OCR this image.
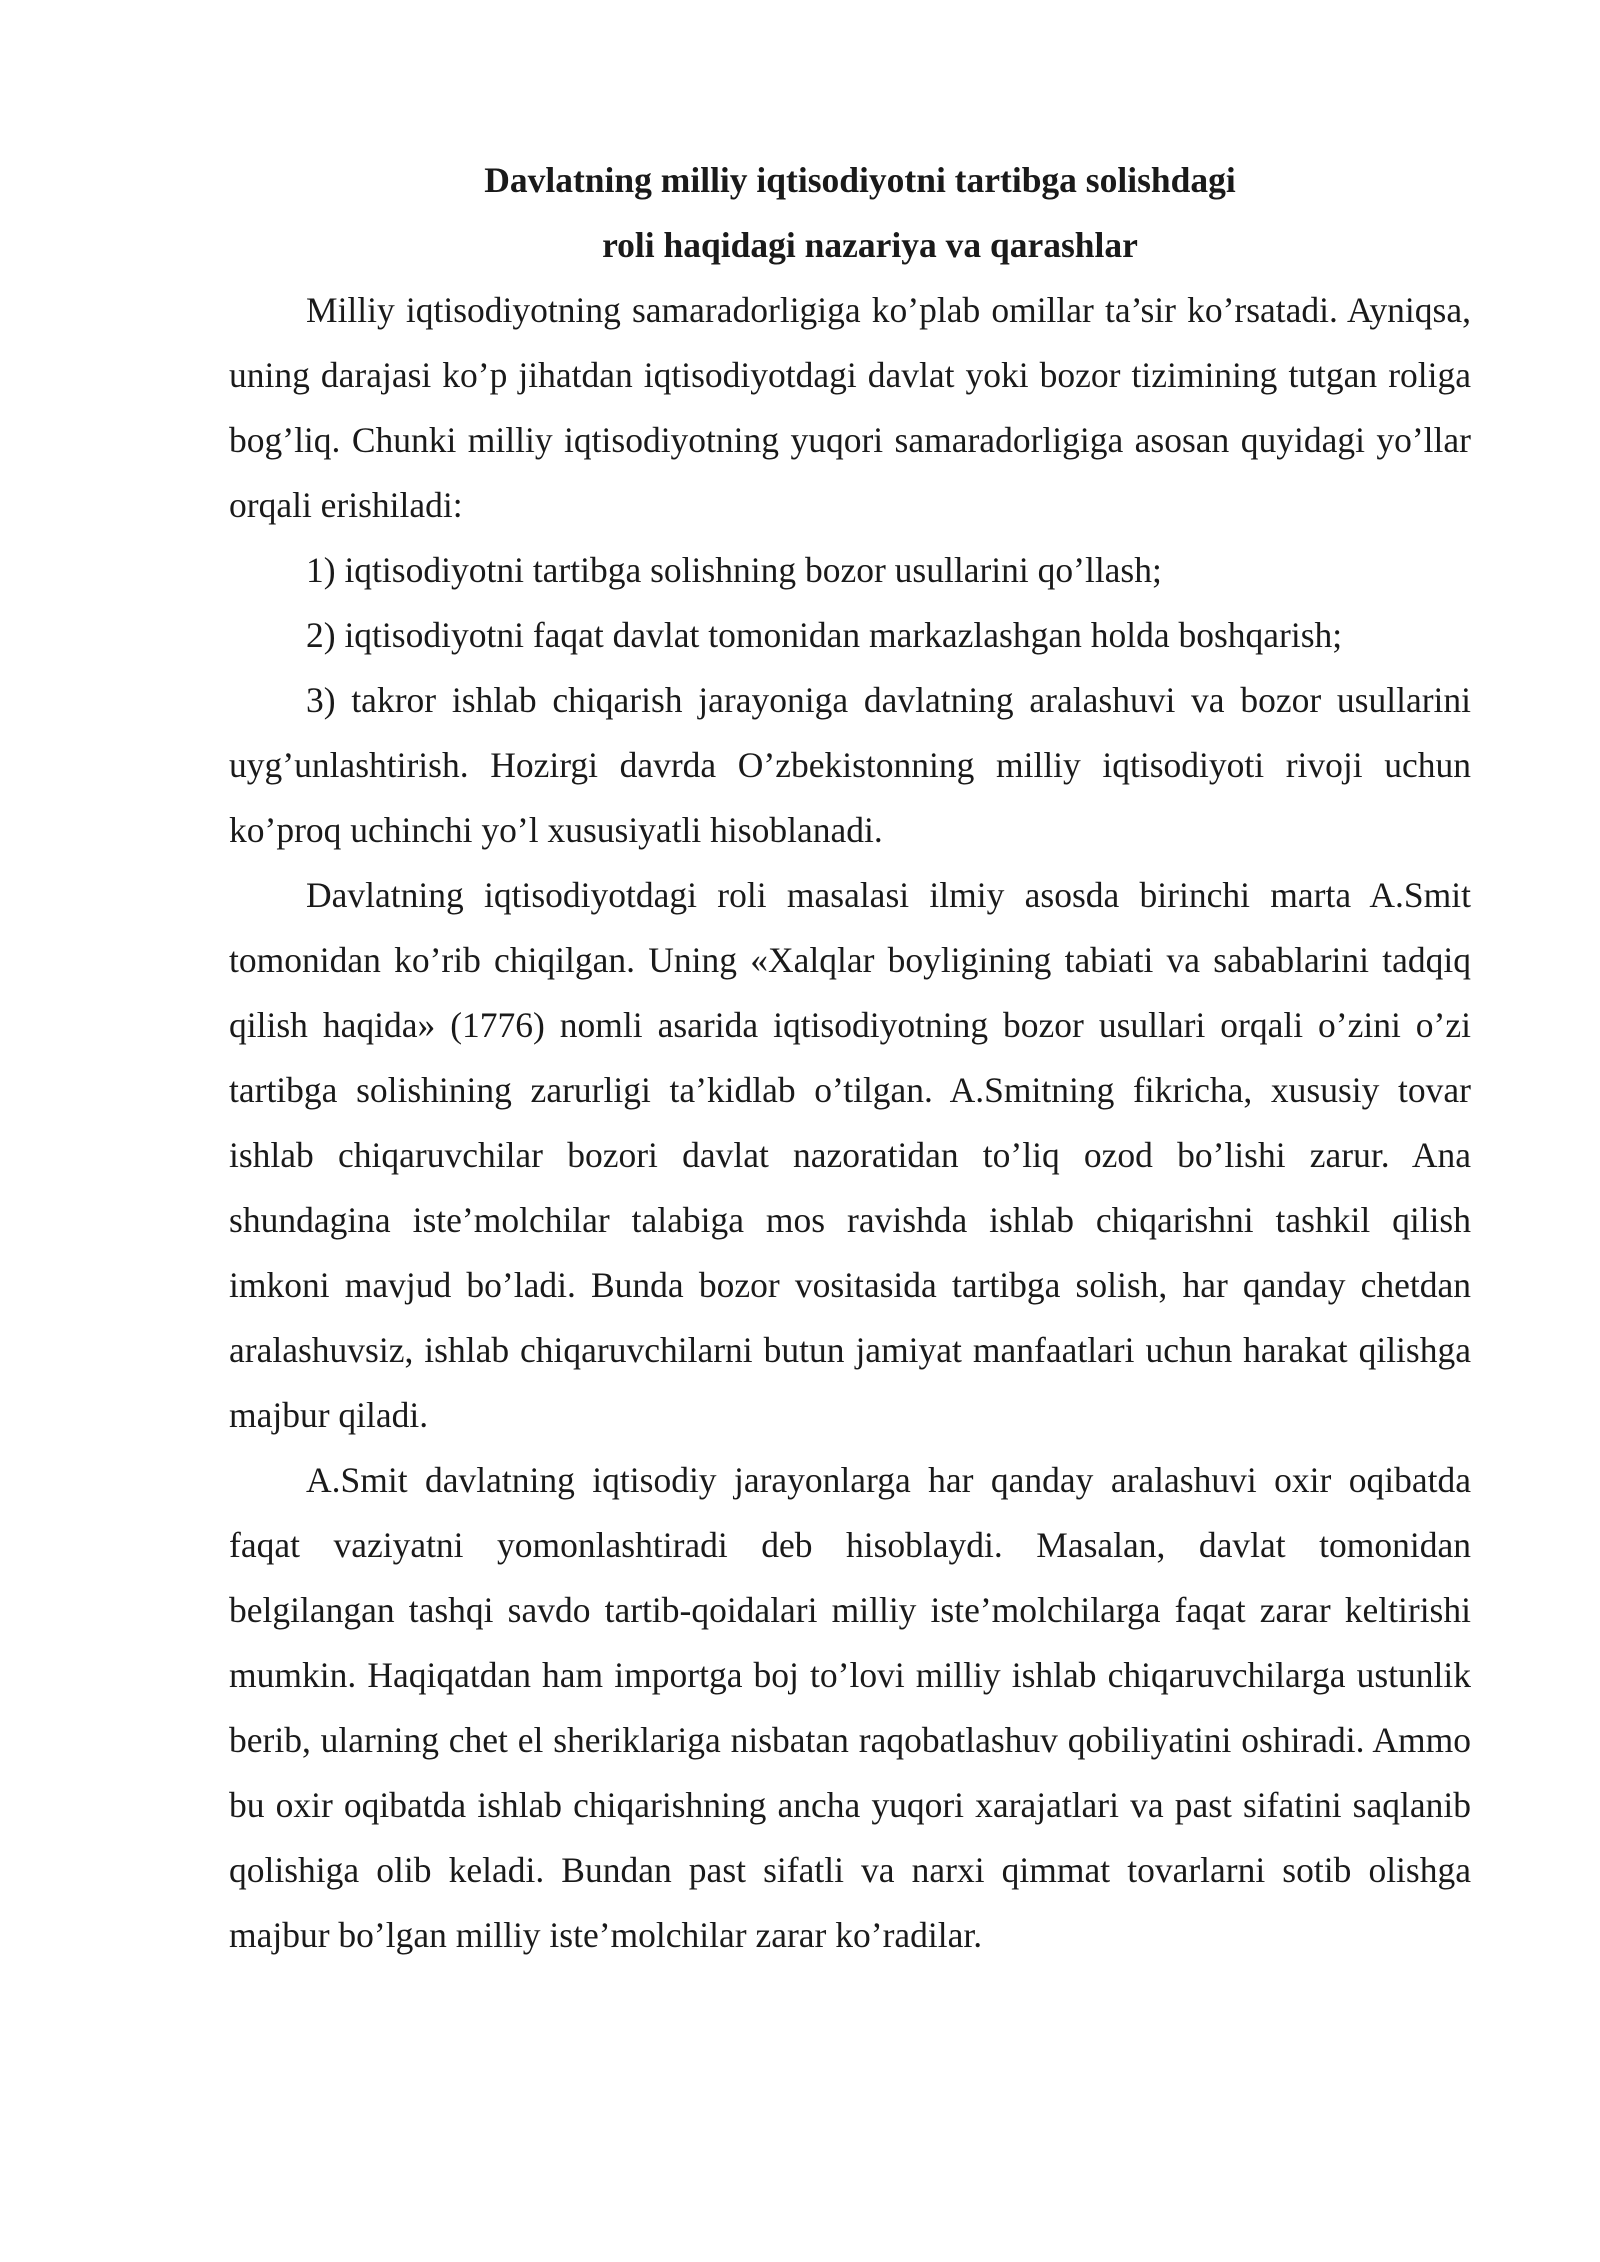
Davlatning milliy iqtisodiyotni tartibga solishdagi
roli haqidagi nazariya va qarashlar

Milliy iqtisodiyotning samaradorligiga ko’plab omillar ta’sir ko’rsatadi. Ayniqsa, uning darajasi ko’p jihatdan iqtisodiyotdagi davlat yoki bozor tizimining tutgan roliga bog’liq. Chunki milliy iqtisodiyotning yuqori samaradorligiga asosan quyidagi yo’llar orqali erishiladi:

1) iqtisodiyotni tartibga solishning bozor usullarini qo’llash;

2) iqtisodiyotni faqat davlat tomonidan markazlashgan holda boshqarish;

3) takror ishlab chiqarish jarayoniga davlatning aralashuvi va bozor usullarini uyg’unlashtirish. Hozirgi davrda O’zbekistonning milliy iqtisodiyoti rivoji uchun ko’proq uchinchi yo’l xususiyatli hisoblanadi.

Davlatning iqtisodiyotdagi roli masalasi ilmiy asosda birinchi marta A.Smit tomonidan ko’rib chiqilgan. Uning «Xalqlar boyligining tabiati va sabablarini tadqiq qilish haqida» (1776) nomli asarida iqtisodiyotning bozor usullari orqali o’zini o’zi tartibga solishining zarurligi ta’kidlab o’tilgan. A.Smitning fikricha, xususiy tovar ishlab chiqaruvchilar bozori davlat nazoratidan to’liq ozod bo’lishi zarur. Ana shundagina iste’molchilar talabiga mos ravishda ishlab chiqarishni tashkil qilish imkoni mavjud bo’ladi. Bunda bozor vositasida tartibga solish, har qanday chetdan aralashuvsiz, ishlab chiqaruvchilarni butun jamiyat manfaatlari uchun harakat qilishga majbur qiladi.

A.Smit davlatning iqtisodiy jarayonlarga har qanday aralashuvi oxir oqibatda faqat vaziyatni yomonlashtiradi deb hisoblaydi. Masalan, davlat tomonidan belgilangan tashqi savdo tartib-qoidalari milliy iste’molchilarga faqat zarar keltirishi mumkin. Haqiqatdan ham importga boj to’lovi milliy ishlab chiqaruvchilarga ustunlik berib, ularning chet el sheriklariga nisbatan raqobatlashuv qobiliyatini oshiradi. Ammo bu oxir oqibatda ishlab chiqarishning ancha yuqori xarajatlari va past sifatini saqlanib qolishiga olib keladi. Bundan past sifatli va narxi qimmat tovarlarni sotib olishga majbur bo’lgan milliy iste’molchilar zarar ko’radilar.
